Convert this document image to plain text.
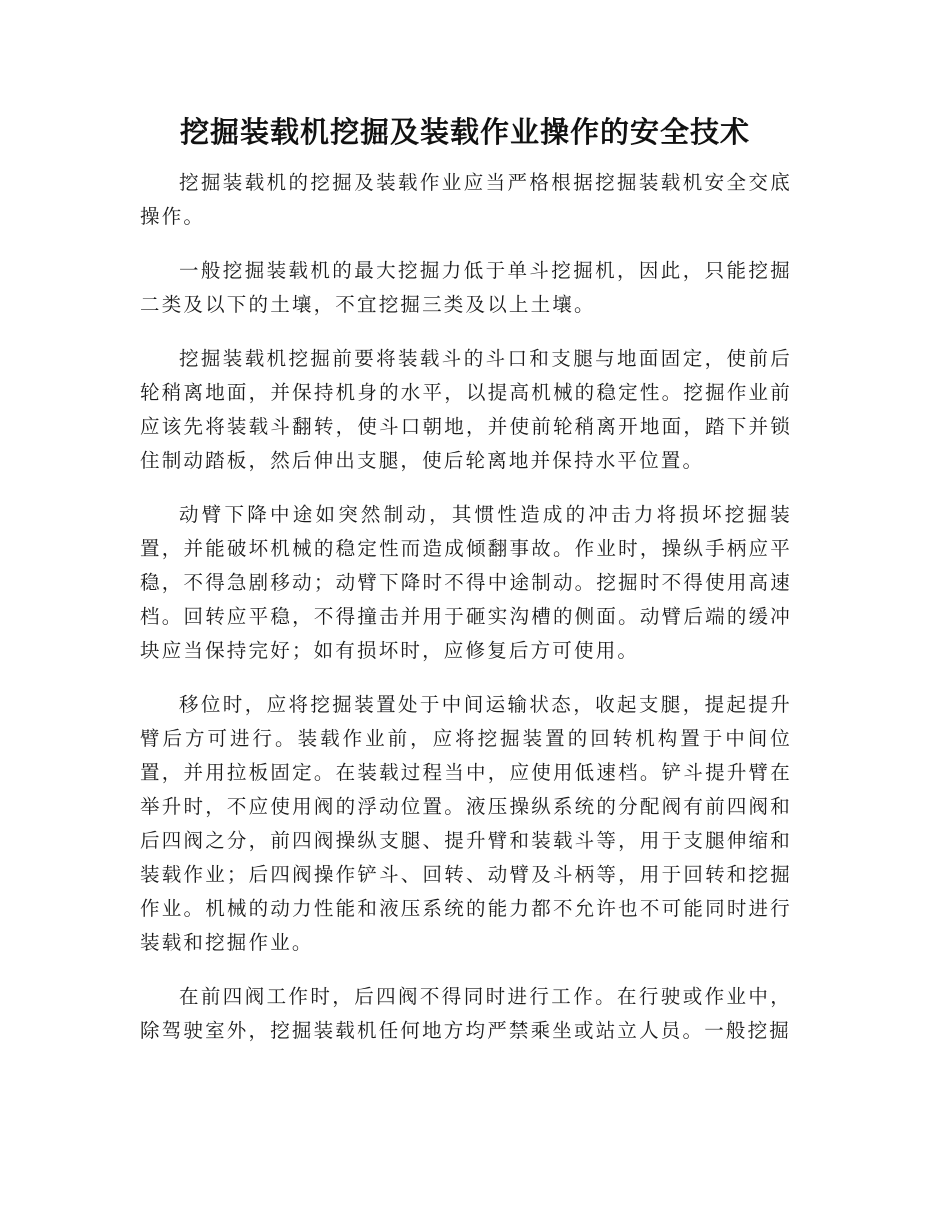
挖掘装载机挖掘及装载作业操作的安全技术

挖掘装载机的挖掘及装载作业应当严格根据挖掘装载机安全交底操作。

一般挖掘装载机的最大挖掘力低于单斗挖掘机，因此，只能挖掘二类及以下的土壤，不宜挖掘三类及以上土壤。

挖掘装载机挖掘前要将装载斗的斗口和支腿与地面固定，使前后轮稍离地面，并保持机身的水平，以提高机械的稳定性。挖掘作业前应该先将装载斗翻转，使斗口朝地，并使前轮稍离开地面，踏下并锁住制动踏板，然后伸出支腿，使后轮离地并保持水平位置。

动臂下降中途如突然制动，其惯性造成的冲击力将损坏挖掘装置，并能破坏机械的稳定性而造成倾翻事故。作业时，操纵手柄应平稳，不得急剧移动；动臂下降时不得中途制动。挖掘时不得使用高速档。回转应平稳，不得撞击并用于砸实沟槽的侧面。动臂后端的缓冲块应当保持完好；如有损坏时，应修复后方可使用。

移位时，应将挖掘装置处于中间运输状态，收起支腿，提起提升臂后方可进行。装载作业前，应将挖掘装置的回转机构置于中间位置，并用拉板固定。在装载过程当中，应使用低速档。铲斗提升臂在举升时，不应使用阀的浮动位置。液压操纵系统的分配阀有前四阀和后四阀之分，前四阀操纵支腿、提升臂和装载斗等，用于支腿伸缩和装载作业；后四阀操作铲斗、回转、动臂及斗柄等，用于回转和挖掘作业。机械的动力性能和液压系统的能力都不允许也不可能同时进行装载和挖掘作业。

在前四阀工作时，后四阀不得同时进行工作。在行驶或作业中，除驾驶室外，挖掘装载机任何地方均严禁乘坐或站立人员。一般挖掘
